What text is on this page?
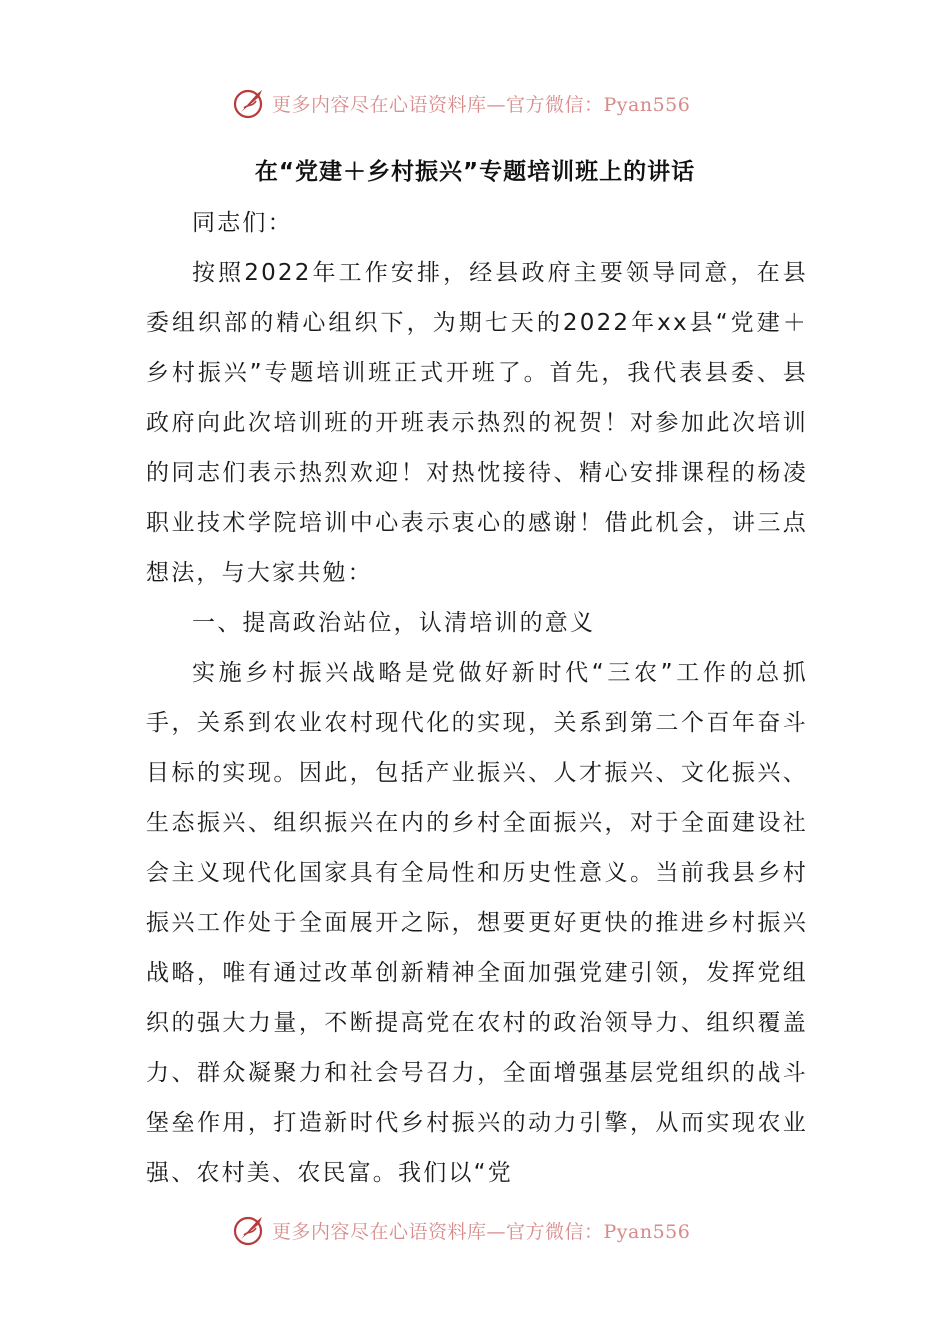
更多内容尽在心语资料库—官方微信：Pyan556
在“党建＋乡村振兴”专题培训班上的讲话

同志们：

按照2022年工作安排，经县政府主要领导同意，在县委组织部的精心组织下，为期七天的2022年xx县“党建＋乡村振兴”专题培训班正式开班了。首先，我代表县委、县政府向此次培训班的开班表示热烈的祝贺！对参加此次培训的同志们表示热烈欢迎！对热忱接待、精心安排课程的杨凌职业技术学院培训中心表示衷心的感谢！借此机会，讲三点想法，与大家共勉：

一、提高政治站位，认清培训的意义

实施乡村振兴战略是党做好新时代“三农”工作的总抓手，关系到农业农村现代化的实现，关系到第二个百年奋斗目标的实现。因此，包括产业振兴、人才振兴、文化振兴、生态振兴、组织振兴在内的乡村全面振兴，对于全面建设社会主义现代化国家具有全局性和历史性意义。当前我县乡村振兴工作处于全面展开之际，想要更好更快的推进乡村振兴战略，唯有通过改革创新精神全面加强党建引领，发挥党组织的强大力量，不断提高党在农村的政治领导力、组织覆盖力、群众凝聚力和社会号召力，全面增强基层党组织的战斗堡垒作用，打造新时代乡村振兴的动力引擎，从而实现农业强、农村美、农民富。我们以“党

更多内容尽在心语资料库—官方微信：Pyan556
